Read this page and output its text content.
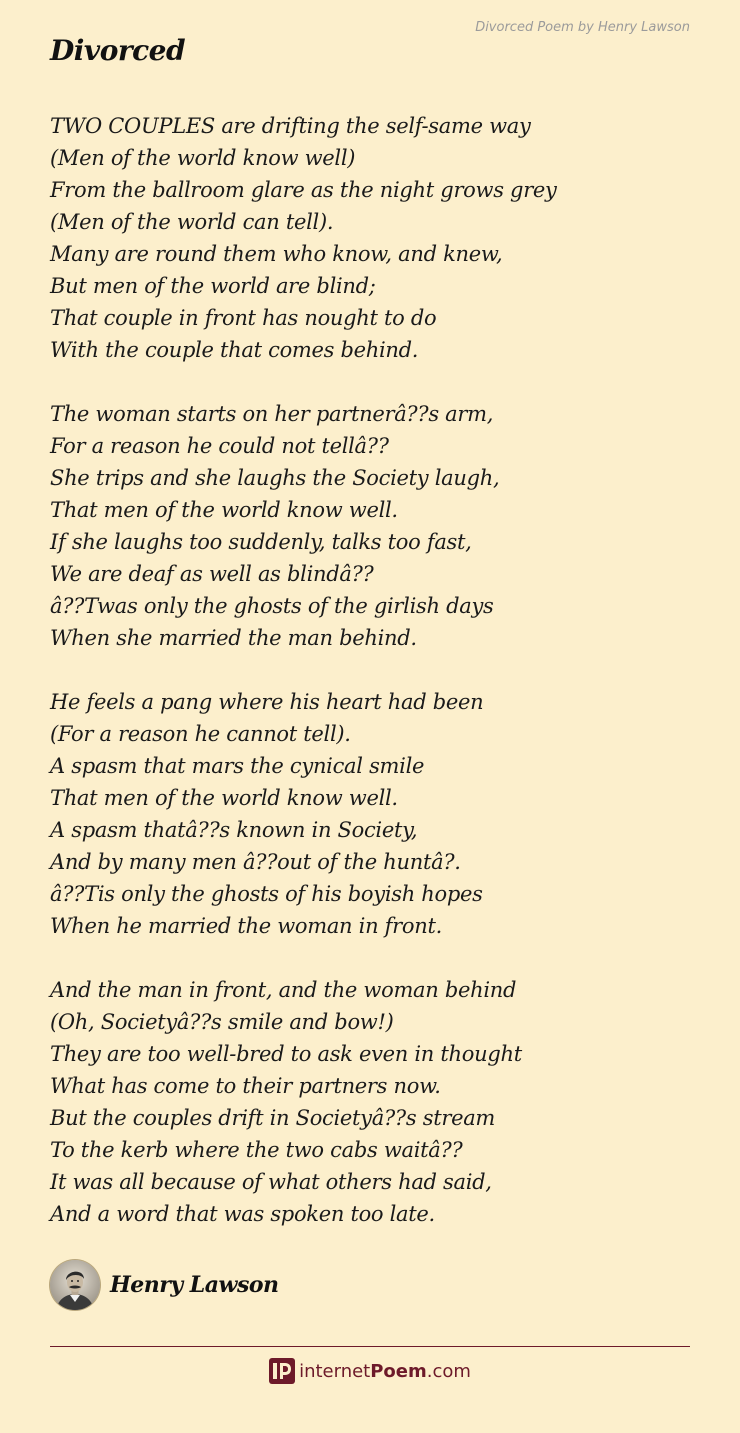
Divorced Poem by Henry Lawson
Divorced
TWO COUPLES are drifting the self-same way
(Men of the world know well)
From the ballroom glare as the night grows grey
(Men of the world can tell).
Many are round them who know, and knew,
But men of the world are blind;
That couple in front has nought to do
With the couple that comes behind.
The woman starts on her partnerâ??s arm,
For a reason he could not tellâ??
She trips and she laughs the Society laugh,
That men of the world know well.
If she laughs too suddenly, talks too fast,
We are deaf as well as blindâ??
â??Twas only the ghosts of the girlish days
When she married the man behind.
He feels a pang where his heart had been
(For a reason he cannot tell).
A spasm that mars the cynical smile
That men of the world know well.
A spasm thatâ??s known in Society,
And by many men â??out of the huntâ?.
â??Tis only the ghosts of his boyish hopes
When he married the woman in front.
And the man in front, and the woman behind
(Oh, Societyâ??s smile and bow!)
They are too well-bred to ask even in thought
What has come to their partners now.
But the couples drift in Societyâ??s stream
To the kerb where the two cabs waitâ??
It was all because of what others had said,
And a word that was spoken too late.
Henry Lawson
internetPoem.com
